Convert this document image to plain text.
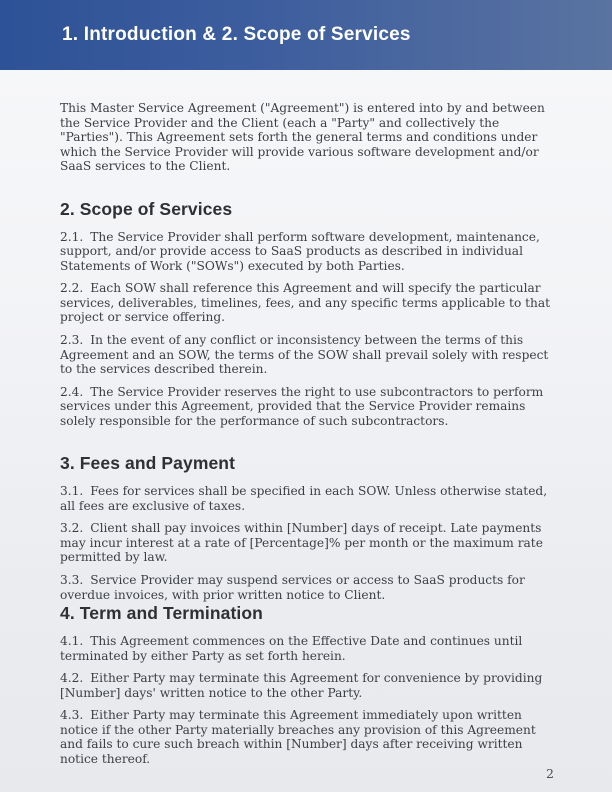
1. Introduction & 2. Scope of Services

This Master Service Agreement ("Agreement") is entered into by and between the Service Provider and the Client (each a "Party" and collectively the "Parties"). This Agreement sets forth the general terms and conditions under which the Service Provider will provide various software development and/or SaaS services to the Client.

2. Scope of Services

2.1. The Service Provider shall perform software development, maintenance, support, and/or provide access to SaaS products as described in individual Statements of Work ("SOWs") executed by both Parties.

2.2. Each SOW shall reference this Agreement and will specify the particular services, deliverables, timelines, fees, and any specific terms applicable to that project or service offering.

2.3. In the event of any conflict or inconsistency between the terms of this Agreement and an SOW, the terms of the SOW shall prevail solely with respect to the services described therein.

2.4. The Service Provider reserves the right to use subcontractors to perform services under this Agreement, provided that the Service Provider remains solely responsible for the performance of such subcontractors.

3. Fees and Payment

3.1. Fees for services shall be specified in each SOW. Unless otherwise stated, all fees are exclusive of taxes.

3.2. Client shall pay invoices within [Number] days of receipt. Late payments may incur interest at a rate of [Percentage]% per month or the maximum rate permitted by law.

3.3. Service Provider may suspend services or access to SaaS products for overdue invoices, with prior written notice to Client.

4. Term and Termination

4.1. This Agreement commences on the Effective Date and continues until terminated by either Party as set forth herein.

4.2. Either Party may terminate this Agreement for convenience by providing [Number] days' written notice to the other Party.

4.3. Either Party may terminate this Agreement immediately upon written notice if the other Party materially breaches any provision of this Agreement and fails to cure such breach within [Number] days after receiving written notice thereof.

2
